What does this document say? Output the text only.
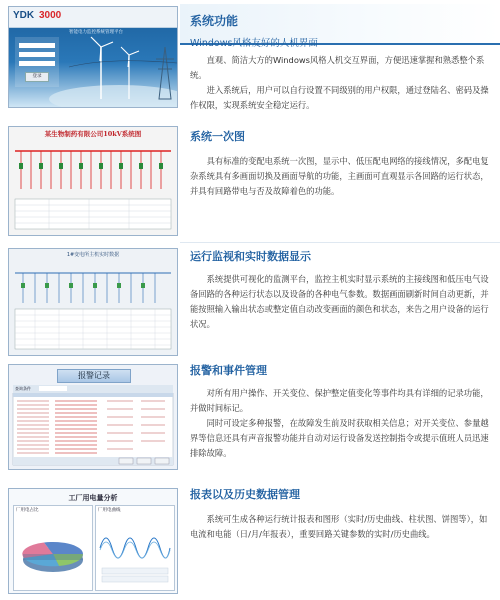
YDK 3000
智能电力监控系统管理平台
登录
某生物制药有限公司10kV系统图
1#变电所主机实时数据
报警记录
查询条件
工厂用电量分析
厂用电占比	厂用电曲线
系统功能
Windows风格友好的人机界面

直观、简洁大方的Windows风格人机交互界面，方便迅速掌握和熟悉整个系统。

进入系统后，用户可以自行设置不同级别的用户权限，通过登陆名、密码及操作权限，实现系统安全稳定运行。

系统一次图

具有标准的变配电系统一次图，显示中、低压配电网络的接线情况，多配电复杂系统具有多画面切换及画面导航的功能，主画面可直观显示各回路的运行状态，并具有回路带电与否及故障着色的功能。

运行监视和实时数据显示

系统提供可视化的监测平台，监控主机实时显示系统的主接线图和低压电气设备回路的各种运行状态以及设备的各种电气参数。数据画面刷新时间自动更新，并能按照输入输出状态或整定值自动改变画面的颜色和状态，来告之用户设备的运行状况。

报警和事件管理

对所有用户操作、开关变位、保护整定值变化等事件均具有详细的记录功能，并做时间标记。

同时可设定多种报警，在故障发生前及时获取相关信息；对开关变位、参量越界等信息还具有声音报警功能并自动对运行设备发送控制指令或提示值班人员迅速排除故障。

报表以及历史数据管理

系统可生成各种运行统计报表和图形（实时/历史曲线、柱状图、饼图等），如电流和电能（日/月/年报表），重要回路关键参数的实时/历史曲线。
